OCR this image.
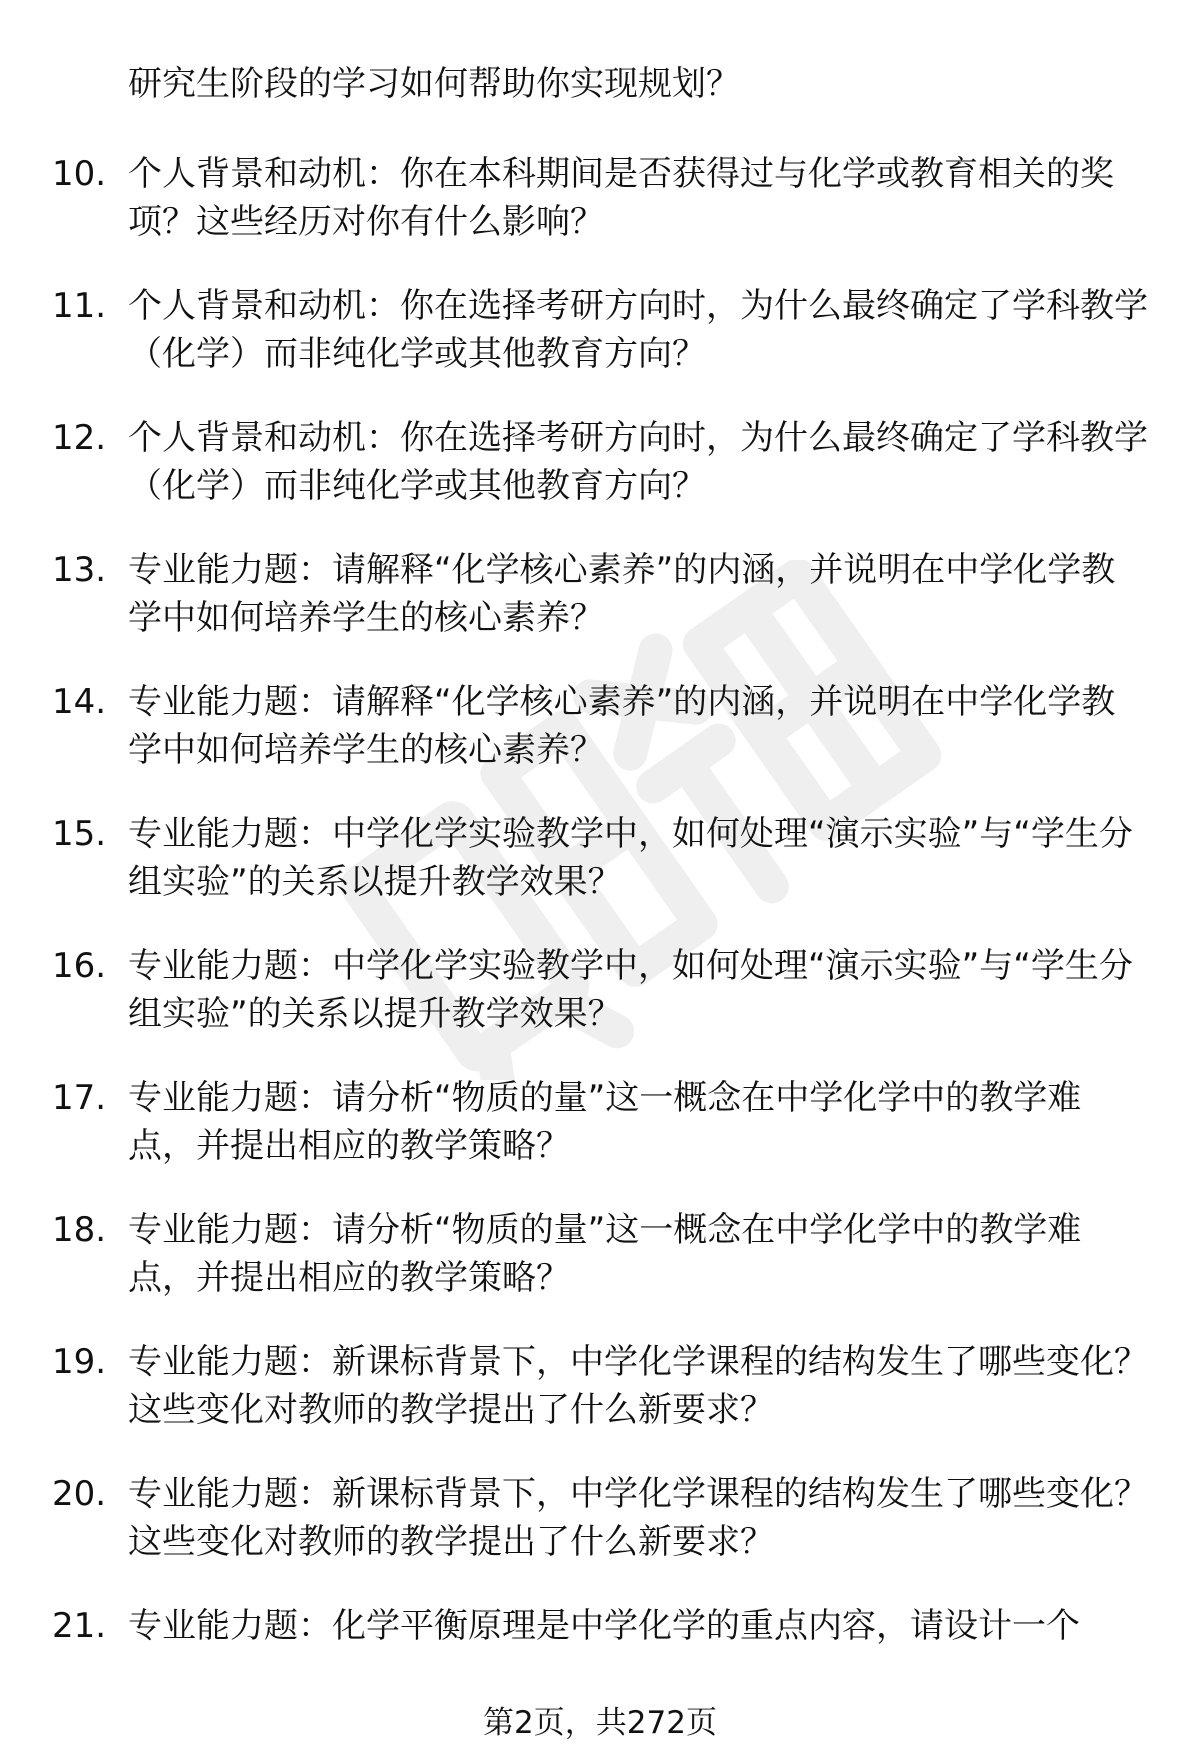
研究生阶段的学习如何帮助你实现规划？
10. 个人背景和动机：你在本科期间是否获得过与化学或教育相关的奖项？这些经历对你有什么影响？
11. 个人背景和动机：你在选择考研方向时，为什么最终确定了学科教学（化学）而非纯化学或其他教育方向？
12. 个人背景和动机：你在选择考研方向时，为什么最终确定了学科教学（化学）而非纯化学或其他教育方向？
13. 专业能力题：请解释“化学核心素养”的内涵，并说明在中学化学教学中如何培养学生的核心素养？
14. 专业能力题：请解释“化学核心素养”的内涵，并说明在中学化学教学中如何培养学生的核心素养？
15. 专业能力题：中学化学实验教学中，如何处理“演示实验”与“学生分组实验”的关系以提升教学效果？
16. 专业能力题：中学化学实验教学中，如何处理“演示实验”与“学生分组实验”的关系以提升教学效果？
17. 专业能力题：请分析“物质的量”这一概念在中学化学中的教学难点，并提出相应的教学策略？
18. 专业能力题：请分析“物质的量”这一概念在中学化学中的教学难点，并提出相应的教学策略？
19. 专业能力题：新课标背景下，中学化学课程的结构发生了哪些变化？这些变化对教师的教学提出了什么新要求？
20. 专业能力题：新课标背景下，中学化学课程的结构发生了哪些变化？这些变化对教师的教学提出了什么新要求？
21. 专业能力题：化学平衡原理是中学化学的重点内容，请设计一个
第2页，共272页
